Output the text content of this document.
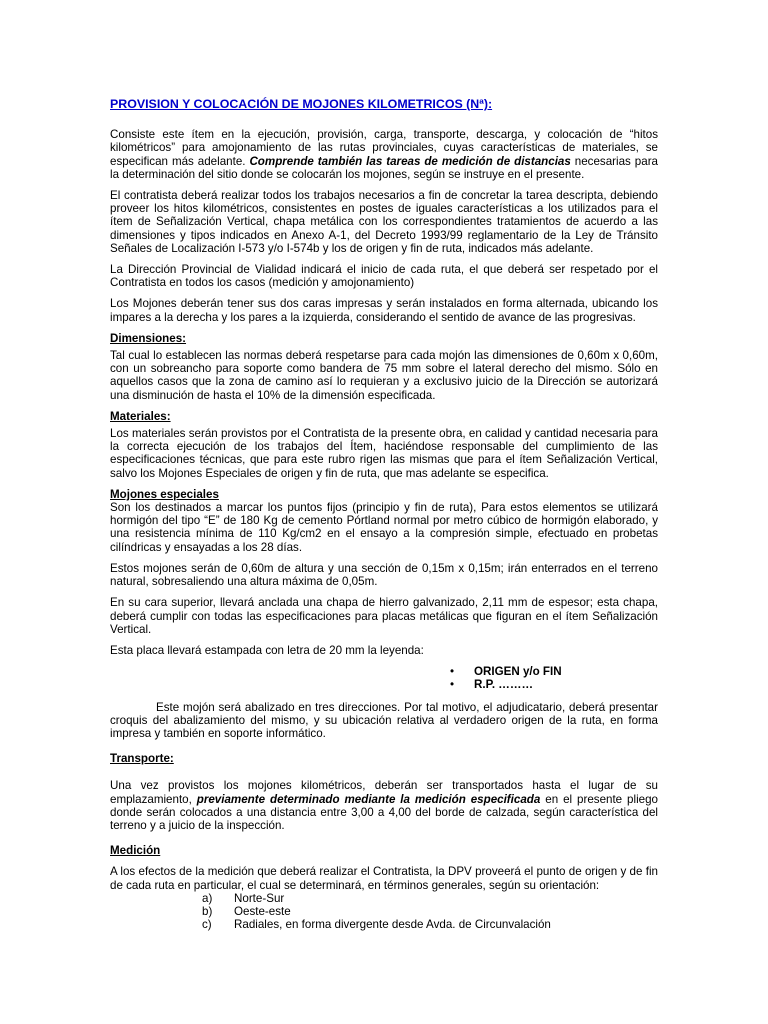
PROVISION Y COLOCACIÓN DE MOJONES KILOMETRICOS (Nª):

Consiste este ítem en la ejecución, provisión, carga, transporte, descarga, y colocación de “hitos kilométricos” para amojonamiento de las rutas provinciales, cuyas características de materiales, se especifican más adelante. Comprende también las tareas de medición de distancias necesarias para la determinación del sitio donde se colocarán los mojones, según se instruye en el presente.

El contratista deberá realizar todos los trabajos necesarios a fin de concretar la tarea descripta, debiendo proveer los hitos kilométricos, consistentes en postes de iguales características a los utilizados para el ítem de Señalización Vertical, chapa metálica con los correspondientes tratamientos de acuerdo a las dimensiones y tipos indicados en Anexo A-1, del Decreto 1993/99 reglamentario de la Ley de Tránsito Señales de Localización I-573 y/o I-574b y los de origen y fin de ruta, indicados más adelante.

La Dirección Provincial de Vialidad indicará el inicio de cada ruta, el que deberá ser respetado por el Contratista en todos los casos (medición y amojonamiento)

Los Mojones deberán tener sus dos caras impresas y serán instalados en forma alternada, ubicando los impares a la derecha y los pares a la izquierda, considerando el sentido de avance de las progresivas.

Dimensiones:

Tal cual lo establecen las normas deberá respetarse para cada mojón las dimensiones de 0,60m x 0,60m, con un sobreancho para soporte como bandera de 75 mm sobre el lateral derecho del mismo. Sólo en aquellos casos que la zona de camino así lo requieran y a exclusivo juicio de la Dirección se autorizará una disminución de hasta el 10% de la dimensión especificada.

Materiales:

Los materiales serán provistos por el Contratista de la presente obra, en calidad y cantidad necesaria para la correcta ejecución de los trabajos del Ítem, haciéndose responsable del cumplimiento de las especificaciones técnicas, que para este rubro rigen las mismas que para el ítem Señalización Vertical, salvo los Mojones Especiales de origen y fin de ruta, que mas adelante se especifica.

Mojones especiales

Son los destinados a marcar los puntos fijos (principio y fin de ruta), Para estos elementos se utilizará hormigón del tipo “E” de 180 Kg de cemento Pórtland normal por metro cúbico de hormigón elaborado, y una resistencia mínima de 110 Kg/cm2 en el ensayo a la compresión simple, efectuado en probetas cilíndricas y ensayadas a los 28 días.

Estos mojones serán de 0,60m de altura y una sección de 0,15m x 0,15m; irán enterrados en el terreno natural, sobresaliendo una altura máxima de 0,05m.

En su cara superior, llevará anclada una chapa de hierro galvanizado, 2,11 mm de espesor; esta chapa, deberá cumplir con todas las especificaciones para placas metálicas que figuran en el ítem Señalización Vertical.

Esta placa llevará estampada con letra de 20 mm la leyenda:

• ORIGEN y/o FIN
• R.P. ………

Este mojón será abalizado en tres direcciones. Por tal motivo, el adjudicatario, deberá presentar croquis del abalizamiento del mismo, y su ubicación relativa al verdadero origen de la ruta, en forma impresa y también en soporte informático.

Transporte:

Una vez provistos los mojones kilométricos, deberán ser transportados hasta el lugar de su emplazamiento, previamente determinado mediante la medición especificada en el presente pliego donde serán colocados a una distancia entre 3,00 a 4,00 del borde de calzada, según característica del terreno y a juicio de la inspección.

Medición

A los efectos de la medición que deberá realizar el Contratista, la DPV proveerá el punto de origen y de fin de cada ruta en particular, el cual se determinará, en términos generales, según su orientación:

a) Norte-Sur
b) Oeste-este
c) Radiales, en forma divergente desde Avda. de Circunvalación
